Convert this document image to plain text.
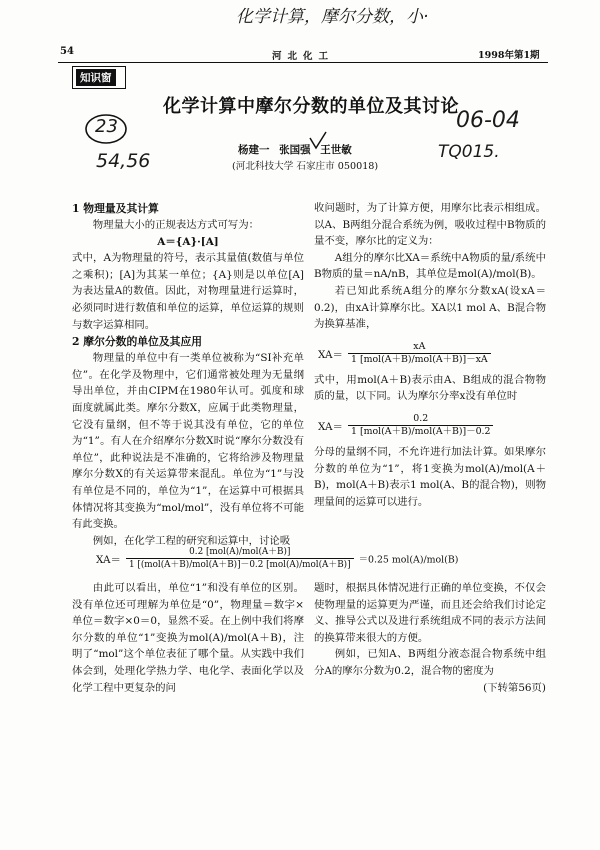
化学计算，摩尔分数，小·
54	河北化工	1998年第1期
知识窗
化学计算中摩尔分数的单位及其讨论
23	06-04
54,56	TQ015.
杨建一 张国强 王世敏
(河北科技大学 石家庄市 050018)
1 物理量及其计算
物理量大小的正规表达方式可写为：
A＝{A}·[A]
式中，A为物理量的符号，表示其量值(数值与单位之乘积)；[A]为其某一单位；{A}则是以单位[A]为表达量A的数值。因此，对物理量进行运算时，必须同时进行数值和单位的运算，单位运算的规则与数字运算相同。
2 摩尔分数的单位及其应用
物理量的单位中有一类单位被称为“SI补充单位”。在化学及物理中，它们通常被处理为无量纲导出单位，并由CIPM在1980年认可。弧度和球面度就属此类。摩尔分数X，应属于此类物理量，它没有量纲，但不等于说其没有单位，它的单位为“1”。有人在介绍摩尔分数X时说“摩尔分数没有单位”，此种说法是不准确的，它将给涉及物理量摩尔分数X的有关运算带来混乱。单位为“1”与没有单位是不同的，单位为“1”，在运算中可根据具体情况将其变换为“mol/mol”，没有单位将不可能有此变换。
例如，在化学工程的研究和运算中，讨论吸
收问题时，为了计算方便，用摩尔比表示相组成。以A、B两组分混合系统为例，吸收过程中B物质的量不变，摩尔比的定义为：
A组分的摩尔比XA＝系统中A物质的量/系统中B物质的量＝nA/nB，其单位是mol(A)/mol(B)。
若已知此系统A组分的摩尔分数xA(设xA＝0.2)，由xA计算摩尔比。XA以1 mol A、B混合物为换算基准，
$XA= \frac{xA}{\text{1 [mol(A＋B)/mol(A＋B)]－xA}}$
式中，用mol(A＋B)表示由A、B组成的混合物物质的量，以下同。认为摩尔分率x没有单位时
$XA= \frac{0.2}{\text{1 [mol(A＋B)/mol(A＋B)]－0.2}}$
分母的量纲不同，不允许进行加法计算。如果摩尔分数的单位为“1”，将1变换为mol(A)/mol(A＋B)，mol(A＋B)表示1 mol(A、B的混合物)，则物理量间的运算可以进行。
$XA= \frac{\text{0.2 [mol(A)/mol(A＋B)]}}{\text{1 [(mol(A＋B)/mol(A＋B)]－0.2 [mol(A)/mol(A＋B)]}} =0.25$ mol(A)/mol(B)
由此可以看出，单位“1”和没有单位的区别。没有单位还可理解为单位是“0”，物理量＝数字×单位＝数字×0＝0，显然不妥。在上例中我们将摩尔分数的单位“1”变换为mol(A)/mol(A＋B)，注明了“mol”这个单位表征了哪个量。从实践中我们体会到，处理化学热力学、电化学、表面化学以及化学工程中更复杂的问
题时，根据具体情况进行正确的单位变换，不仅会使物理量的运算更为严谨，而且还会给我们讨论定义、推导公式以及进行系统组成不同的表示方法间的换算带来很大的方便。
例如，已知A、B两组分液态混合物系统中组分A的摩尔分数为0.2，混合物的密度为
(下转第56页)
